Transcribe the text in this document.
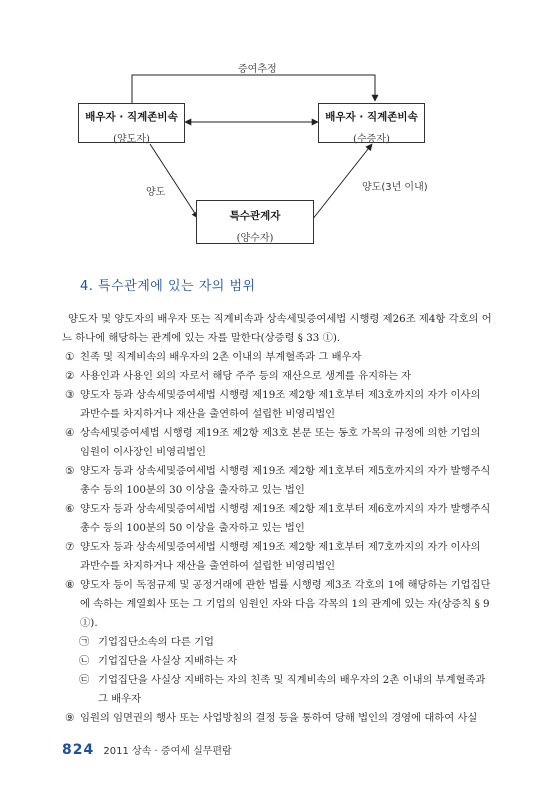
증여추정
배우자 · 직계존비속
(양도자)
배우자 · 직계존비속
(수증자)
특수관계자
(양수자)
양도	양도(3년 이내)
4. 특수관계에 있는 자의 범위

양도자 및 양도자의 배우자 또는 직계비속과 상속세및증여세법 시행령 제26조 제4항 각호의 어느 하나에 해당하는 관계에 있는 자를 말한다(상증령 § 33 ①).

① 친족 및 직계비속의 배우자의 2촌 이내의 부계혈족과 그 배우자
② 사용인과 사용인 외의 자로서 해당 주주 등의 재산으로 생계를 유지하는 자
③ 양도자 등과 상속세및증여세법 시행령 제19조 제2항 제1호부터 제3호까지의 자가 이사의 과반수를 차지하거나 재산을 출연하여 설립한 비영리법인
④ 상속세및증여세법 시행령 제19조 제2항 제3호 본문 또는 동호 가목의 규정에 의한 기업의 임원이 이사장인 비영리법인
⑤ 양도자 등과 상속세및증여세법 시행령 제19조 제2항 제1호부터 제5호까지의 자가 발행주식총수 등의 100분의 30 이상을 출자하고 있는 법인
⑥ 양도자 등과 상속세및증여세법 시행령 제19조 제2항 제1호부터 제6호까지의 자가 발행주식총수 등의 100분의 50 이상을 출자하고 있는 법인
⑦ 양도자 등과 상속세및증여세법 시행령 제19조 제2항 제1호부터 제7호까지의 자가 이사의 과반수를 차지하거나 재산을 출연하여 설립한 비영리법인
⑧ 양도자 등이 독점규제 및 공정거래에 관한 법률 시행령 제3조 각호의 1에 해당하는 기업집단에 속하는 계열회사 또는 그 기업의 임원인 자와 다음 각목의 1의 관계에 있는 자(상증칙 § 9 ①).
㉠ 기업집단소속의 다른 기업
㉡ 기업집단을 사실상 지배하는 자
㉢ 기업집단을 사실상 지배하는 자의 친족 및 직계비속의 배우자의 2촌 이내의 부계혈족과 그 배우자
⑨ 임원의 임면권의 행사 또는 사업방침의 결정 등을 통하여 당해 법인의 경영에 대하여 사실
824 2011 상속 · 증여세 실무편람
